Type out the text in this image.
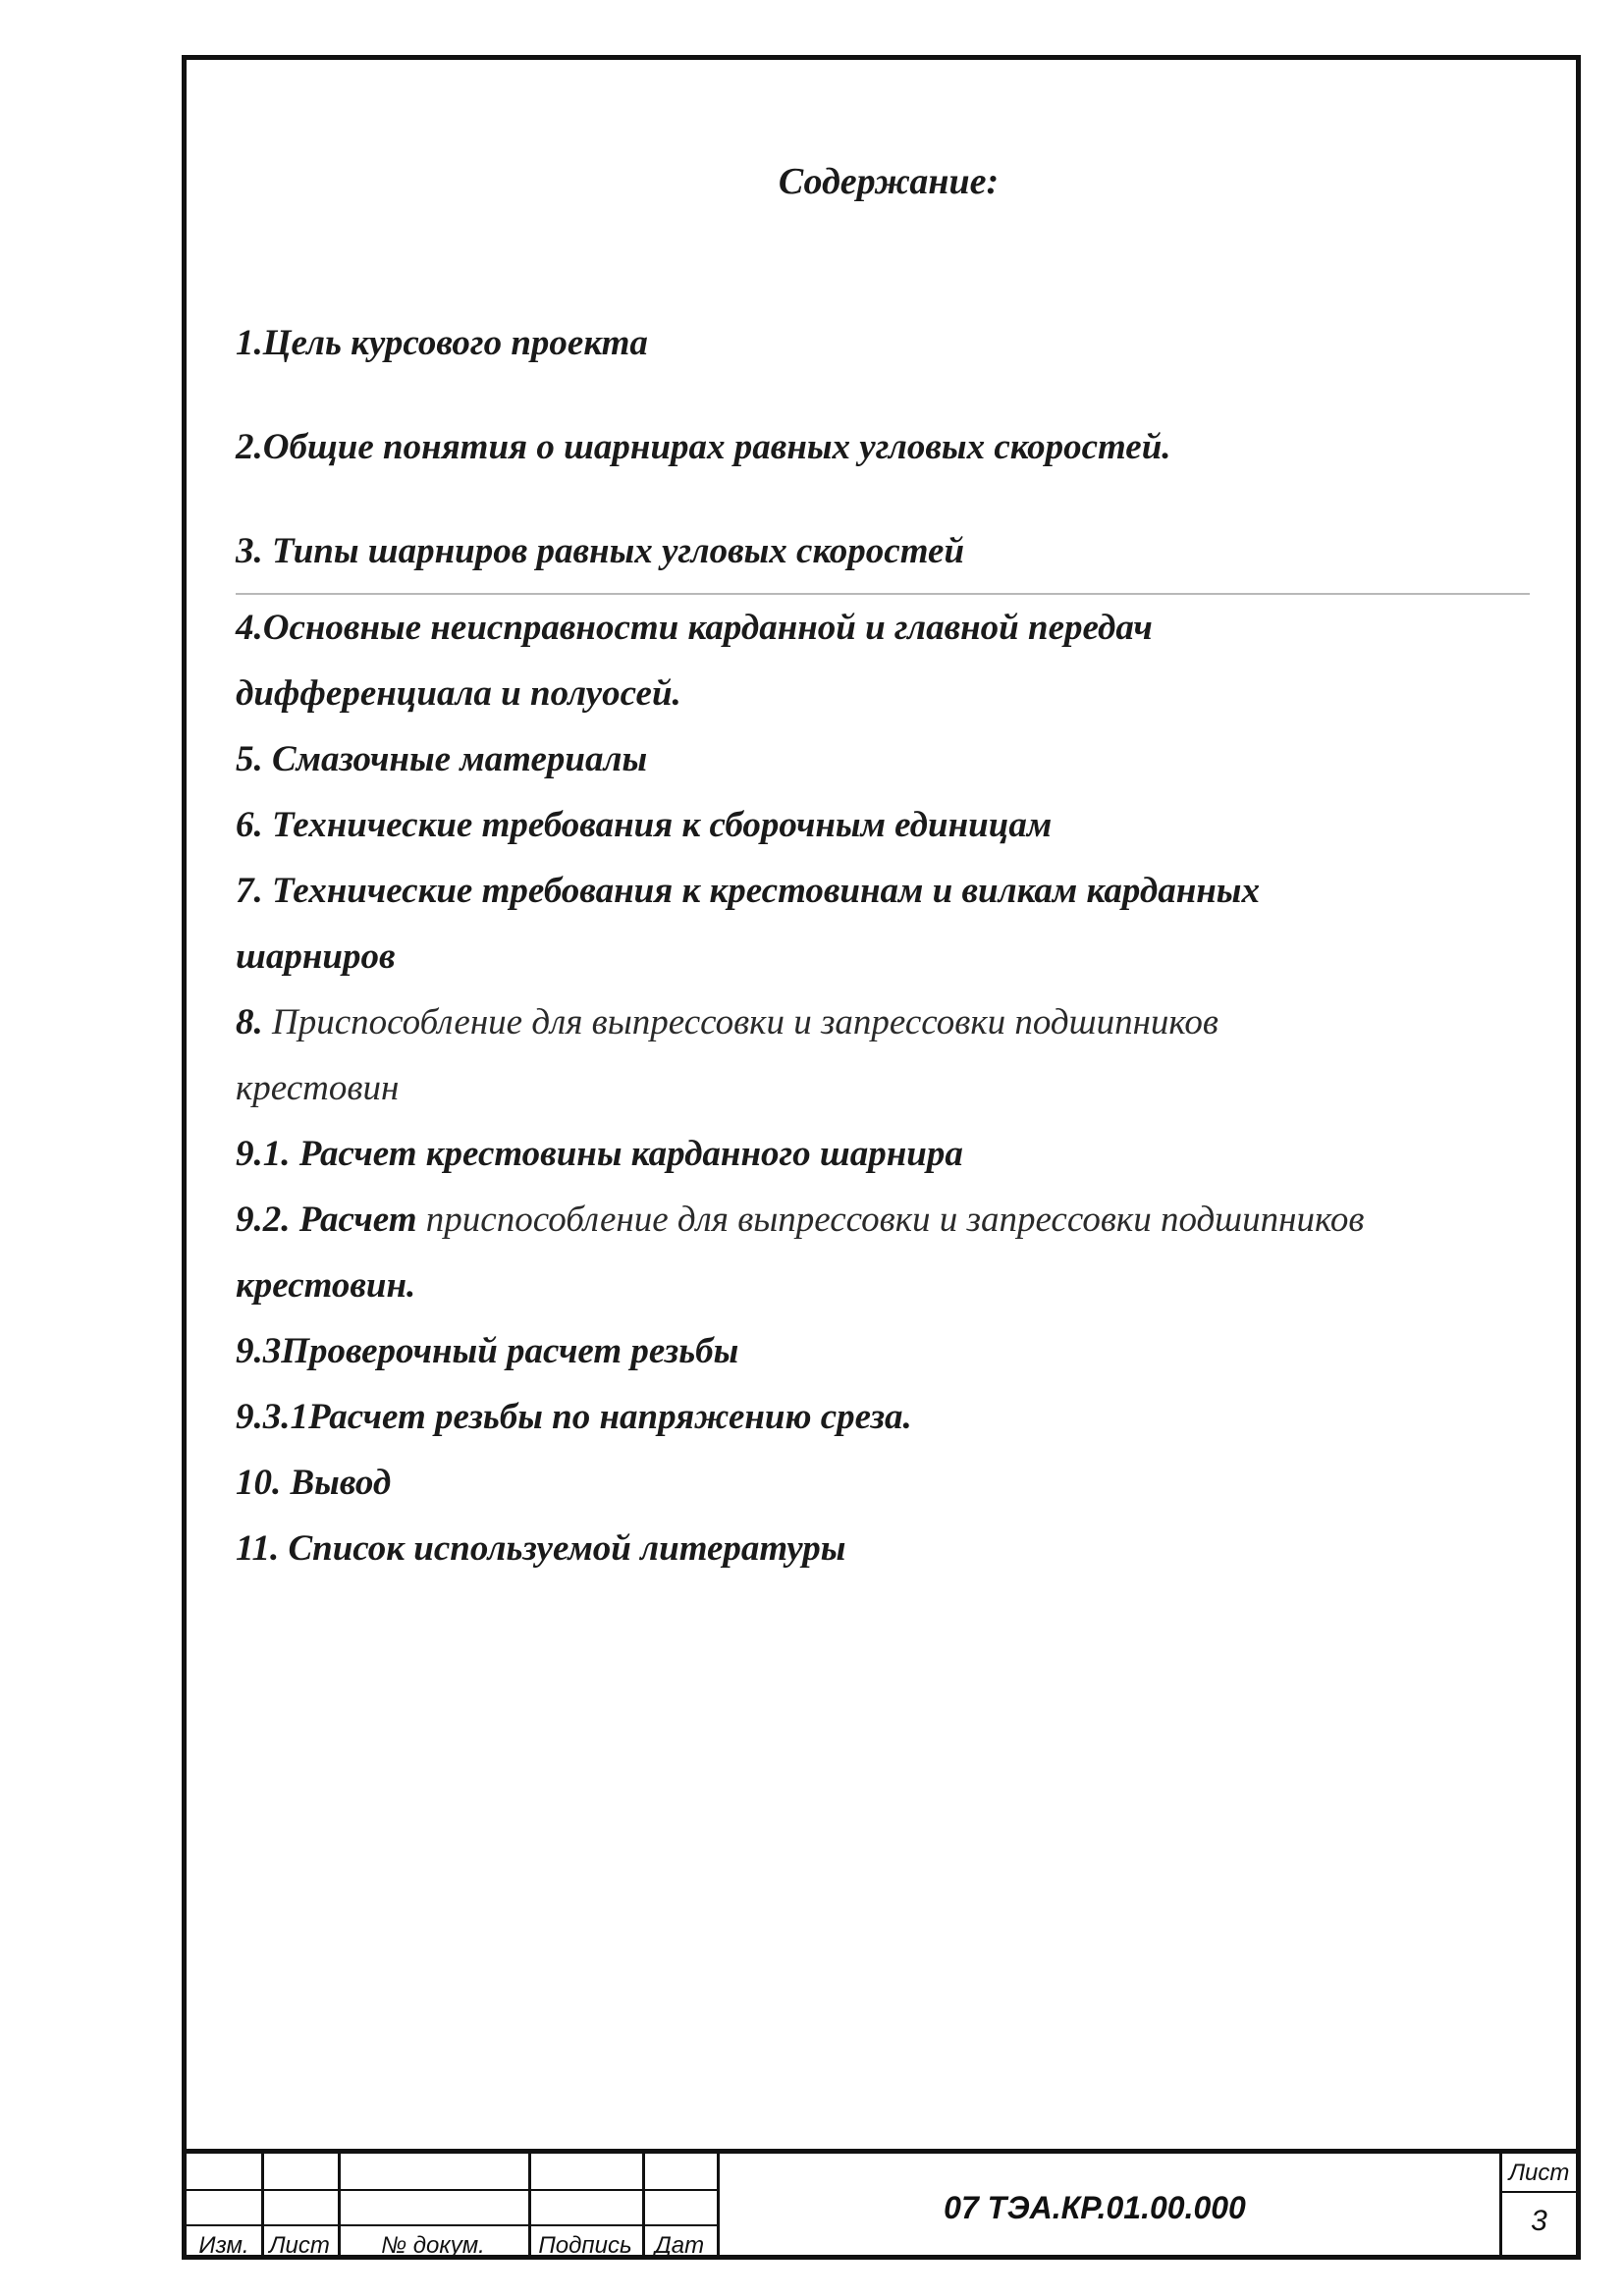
Содержание:

1.Цель курсового проекта

2.Общие понятия о шарнирах равных угловых скоростей.

3. Типы шарниров равных угловых скоростей

4.Основные неисправности карданной и главной передач

дифференциала и полуосей.

5. Смазочные материалы

6. Технические требования к сборочным единицам

7. Технические требования к крестовинам и вилкам карданных

шарниров

8. Приспособление для выпрессовки и запрессовки подшипников

крестовин

9.1. Расчет крестовины карданного шарнира

9.2. Расчет приспособление для выпрессовки и запрессовки подшипников

крестовин.

9.3Проверочный расчет резьбы

9.3.1Расчет резьбы по напряжению среза.

10. Вывод

11. Список используемой литературы

Изм. Лист	№ докум.	Подпись Дат
07 ТЭА.КР.01.00.000
Лист
3
